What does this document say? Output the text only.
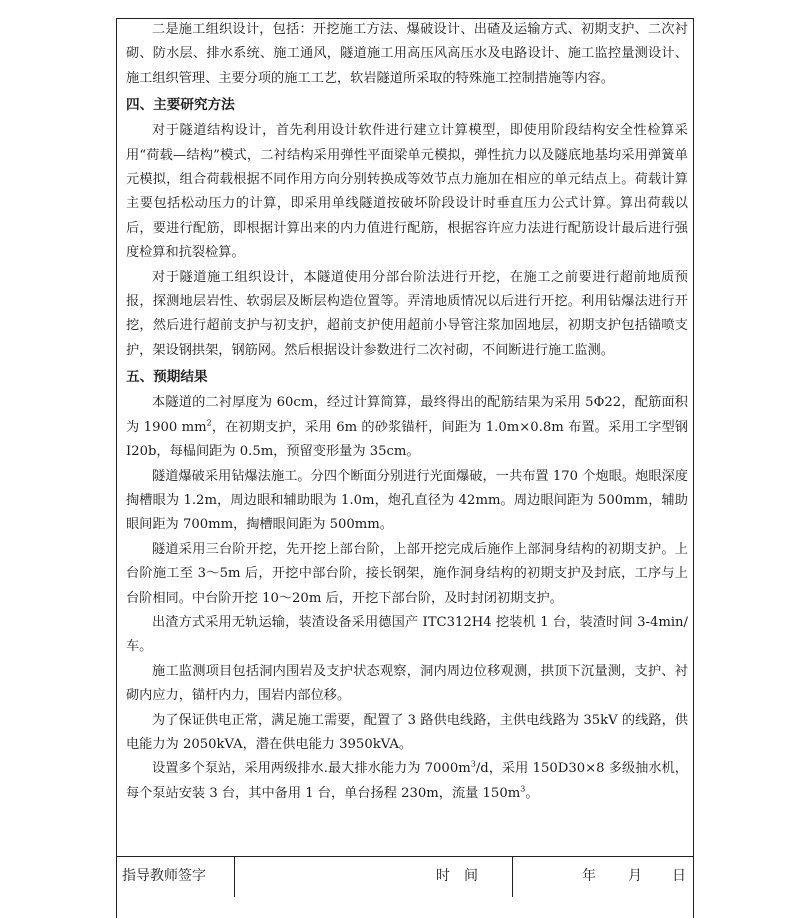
二是施工组织设计，包括：开挖施工方法、爆破设计、出碴及运输方式、初期支护、二次衬砌、防水层、排水系统、施工通风，隧道施工用高压风高压水及电路设计、施工监控量测设计、施工组织管理、主要分项的施工工艺，软岩隧道所采取的特殊施工控制措施等内容。

四、主要研究方法

对于隧道结构设计，首先利用设计软件进行建立计算模型，即使用阶段结构安全性检算采用“荷载—结构”模式，二衬结构采用弹性平面梁单元模拟，弹性抗力以及隧底地基均采用弹簧单元模拟，组合荷载根据不同作用方向分别转换成等效节点力施加在相应的单元结点上。荷载计算主要包括松动压力的计算，即采用单线隧道按破坏阶段设计时垂直压力公式计算。算出荷载以后，要进行配筋，即根据计算出来的内力值进行配筋，根据容许应力法进行配筋设计最后进行强度检算和抗裂检算。

对于隧道施工组织设计，本隧道使用分部台阶法进行开挖，在施工之前要进行超前地质预报，探测地层岩性、软弱层及断层构造位置等。弄清地质情况以后进行开挖。利用钻爆法进行开挖，然后进行超前支护与初支护，超前支护使用超前小导管注浆加固地层，初期支护包括锚喷支护，架设钢拱架，钢筋网。然后根据设计参数进行二次衬砌，不间断进行施工监测。

五、预期结果

本隧道的二衬厚度为 60cm，经过计算简算，最终得出的配筋结果为采用 5Φ22，配筋面积为 1900 $mm^2$，在初期支护，采用 6m 的砂浆锚杆，间距为 1.0m×0.8m 布置。采用工字型钢 I20b，每榀间距为 0.5m，预留变形量为 35cm。

隧道爆破采用钻爆法施工。分四个断面分别进行光面爆破，一共布置 170 个炮眼。炮眼深度掏槽眼为 1.2m，周边眼和辅助眼为 1.0m，炮孔直径为 42mm。周边眼间距为 500mm，辅助眼间距为 700mm，掏槽眼间距为 500mm。

隧道采用三台阶开挖，先开挖上部台阶，上部开挖完成后施作上部洞身结构的初期支护。上台阶施工至 3～5m 后，开挖中部台阶，接长钢架，施作洞身结构的初期支护及封底，工序与上台阶相同。中台阶开挖 10～20m 后，开挖下部台阶，及时封闭初期支护。

出渣方式采用无轨运输，装渣设备采用德国产 ITC312H4 挖装机 1 台，装渣时间 3-4min/车。

施工监测项目包括洞内围岩及支护状态观察，洞内周边位移观测，拱顶下沉量测，支护、衬砌内应力，锚杆内力，围岩内部位移。

为了保证供电正常，满足施工需要，配置了 3 路供电线路，主供电线路为 35kV 的线路，供电能力为 2050kVA，潜在供电能力 3950kVA。

设置多个泵站，采用两级排水.最大排水能力为 $7000m^3/d$，采用 150D30×8 多级抽水机，每个泵站安装 3 台，其中备用 1 台，单台扬程 230m，流量 $150m^3$。

指导教师签字	时　间	年 月 日
